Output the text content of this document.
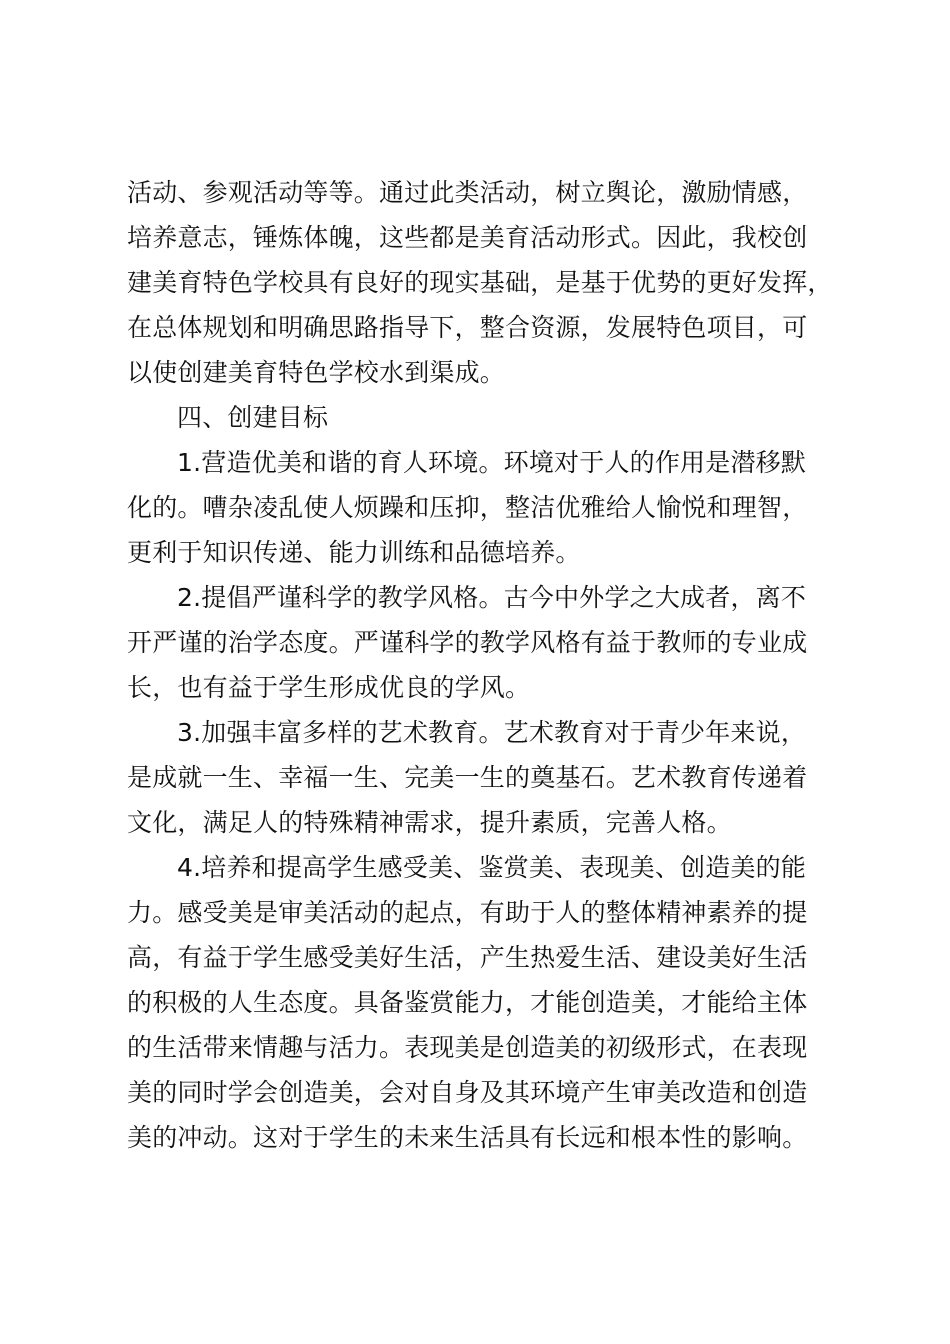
活动、参观活动等等。通过此类活动，树立舆论，激励情感，
培养意志，锤炼体魄，这些都是美育活动形式。因此，我校创
建美育特色学校具有良好的现实基础，是基于优势的更好发挥，
在总体规划和明确思路指导下，整合资源，发展特色项目，可
以使创建美育特色学校水到渠成。
四、创建目标
1.营造优美和谐的育人环境。环境对于人的作用是潜移默
化的。嘈杂凌乱使人烦躁和压抑，整洁优雅给人愉悦和理智，
更利于知识传递、能力训练和品德培养。
2.提倡严谨科学的教学风格。古今中外学之大成者，离不
开严谨的治学态度。严谨科学的教学风格有益于教师的专业成
长，也有益于学生形成优良的学风。
3.加强丰富多样的艺术教育。艺术教育对于青少年来说，
是成就一生、幸福一生、完美一生的奠基石。艺术教育传递着
文化，满足人的特殊精神需求，提升素质，完善人格。
4.培养和提高学生感受美、鉴赏美、表现美、创造美的能
力。感受美是审美活动的起点，有助于人的整体精神素养的提
高，有益于学生感受美好生活，产生热爱生活、建设美好生活
的积极的人生态度。具备鉴赏能力，才能创造美，才能给主体
的生活带来情趣与活力。表现美是创造美的初级形式，在表现
美的同时学会创造美，会对自身及其环境产生审美改造和创造
美的冲动。这对于学生的未来生活具有长远和根本性的影响。
